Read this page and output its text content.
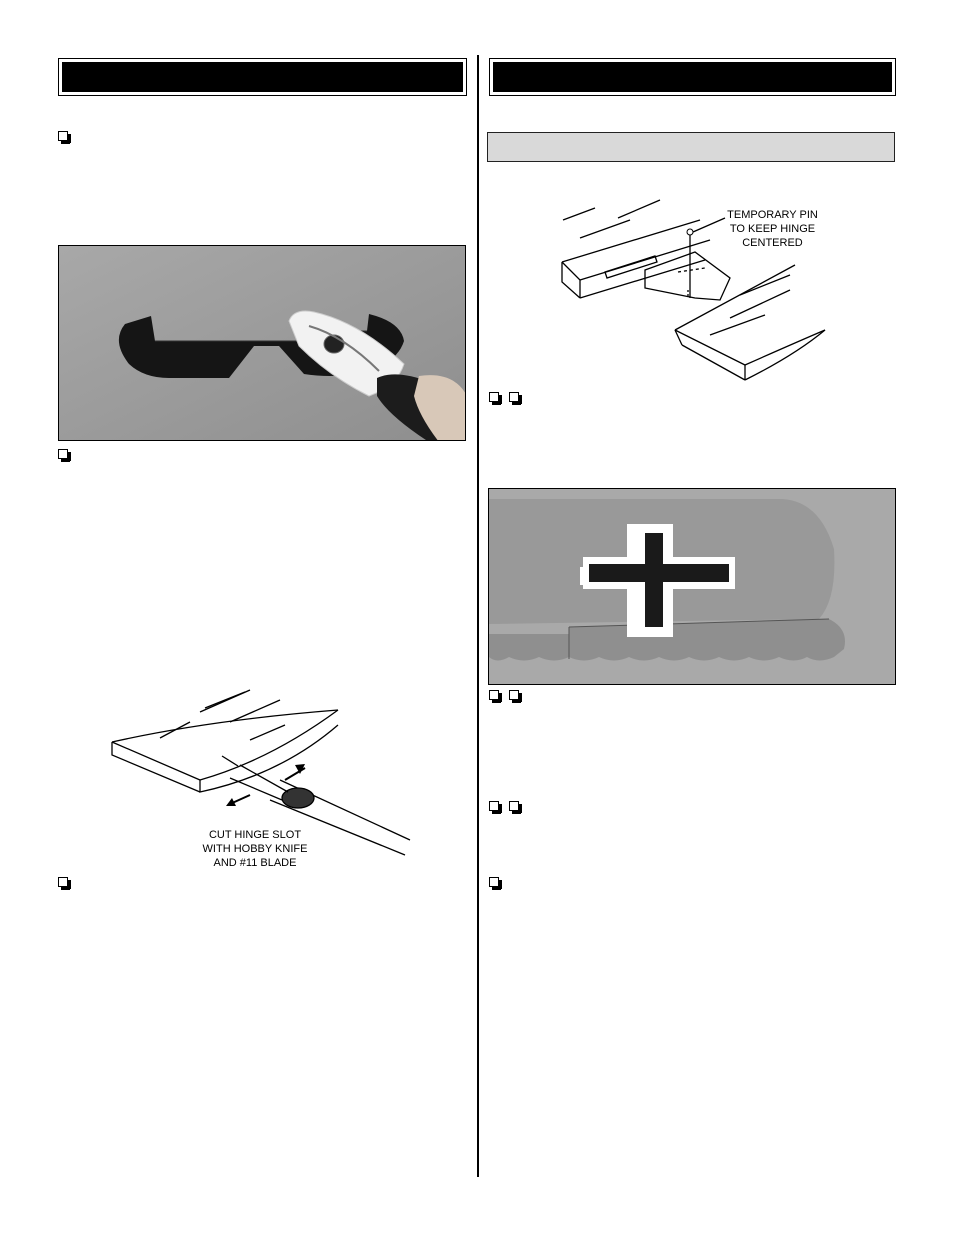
CUT HINGE SLOT
WITH HOBBY KNIFE
AND #11 BLADE
TEMPORARY PIN
TO KEEP HINGE
CENTERED
